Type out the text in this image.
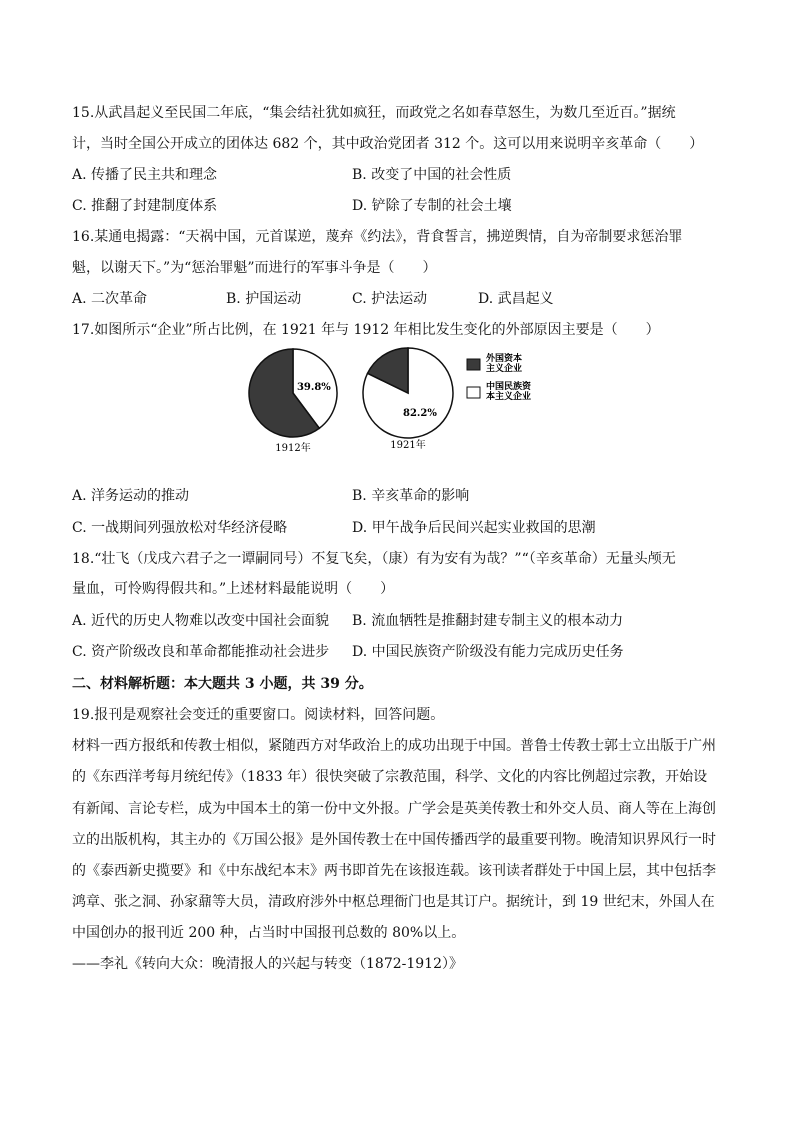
15.从武昌起义至民国二年底，“集会结社犹如疯狂，而政党之名如春草怒生，为数几至近百。”据统
计，当时全国公开成立的团体达 682 个，其中政治党团者 312 个。这可以用来说明辛亥革命（　　）
A. 传播了民主共和理念	B. 改变了中国的社会性质
C. 推翻了封建制度体系	D. 铲除了专制的社会土壤
16.某通电揭露：“天祸中国，元首谋逆，蔑弃《约法》，背食誓言，拂逆舆情，自为帝制要求惩治罪
魁，以谢天下。”为“惩治罪魁”而进行的军事斗争是（　　）
A. 二次革命	B. 护国运动	C. 护法运动	D. 武昌起义
17.如图所示“企业”所占比例，在 1921 年与 1912 年相比发生变化的外部原因主要是（　　）
39.8%
82.2%
1912年	1921年
外国资本 主义企业
中国民族资 本主义企业
A. 洋务运动的推动	B. 辛亥革命的影响
C. 一战期间列强放松对华经济侵略	D. 甲午战争后民间兴起实业救国的思潮
18.“壮飞（戊戌六君子之一谭嗣同号）不复飞矣，（康）有为安有为哉？”“（辛亥革命）无量头颅无
量血，可怜购得假共和。”上述材料最能说明（　　）
A. 近代的历史人物难以改变中国社会面貌 B. 流血牺牲是推翻封建专制主义的根本动力
C. 资产阶级改良和革命都能推动社会进步 D. 中国民族资产阶级没有能力完成历史任务
二、材料解析题：本大题共 3 小题，共 39 分。
19.报刊是观察社会变迁的重要窗口。阅读材料，回答问题。
材料一西方报纸和传教士相似，紧随西方对华政治上的成功出现于中国。普鲁士传教士郭士立出版于广州
的《东西洋考每月统纪传》（1833 年）很快突破了宗教范围，科学、文化的内容比例超过宗教，开始设
有新闻、言论专栏，成为中国本土的第一份中文外报。广学会是英美传教士和外交人员、商人等在上海创
立的出版机构，其主办的《万国公报》是外国传教士在中国传播西学的最重要刊物。晚清知识界风行一时
的《泰西新史揽要》和《中东战纪本末》两书即首先在该报连载。该刊读者群处于中国上层，其中包括李
鸿章、张之洞、孙家鼐等大员，清政府涉外中枢总理衙门也是其订户。据统计，到 19 世纪末，外国人在
中国创办的报刊近 200 种，占当时中国报刊总数的 80%以上。
——李礼《转向大众：晚清报人的兴起与转变（1872-1912）》
